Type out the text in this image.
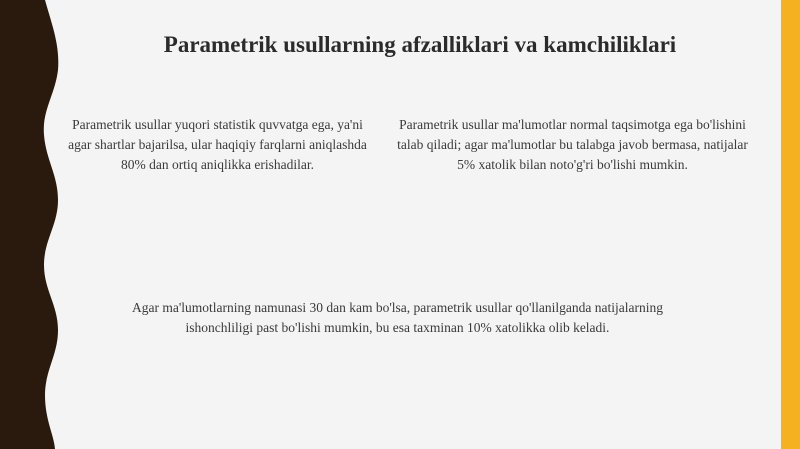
Parametrik usullarning afzalliklari va kamchiliklari
Parametrik usullar yuqori statistik quvvatga ega, ya'ni agar shartlar bajarilsa, ular haqiqiy farqlarni aniqlashda 80% dan ortiq aniqlikka erishadilar.
Parametrik usullar ma'lumotlar normal taqsimotga ega bo'lishini talab qiladi; agar ma'lumotlar bu talabga javob bermasa, natijalar 5% xatolik bilan noto'g'ri bo'lishi mumkin.
Agar ma'lumotlarning namunasi 30 dan kam bo'lsa, parametrik usullar qo'llanilganda natijalarning ishonchliligi past bo'lishi mumkin, bu esa taxminan 10% xatolikka olib keladi.
